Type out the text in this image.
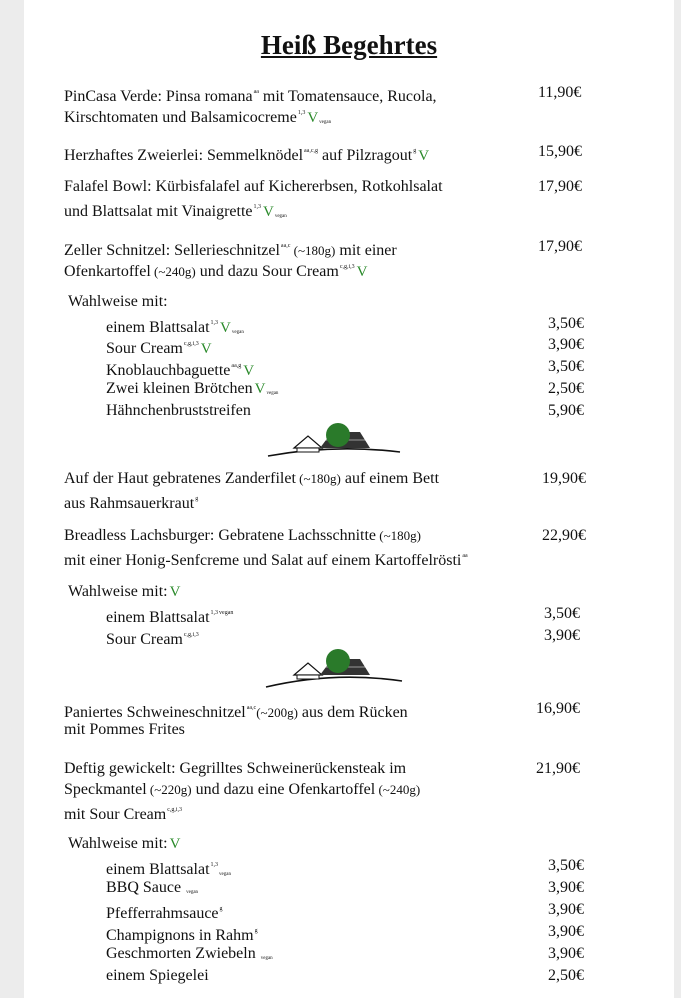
Heiß Begehrtes
PinCasa Verde: Pinsa romana$^{aa}$ mit Tomatensauce, Rucola,
Kirschtomaten und Balsamicocreme$^{1,3}$ Vvegan
11,90€
Herzhaftes Zweierlei: Semmelknödel$^{aa,c,g}$ auf Pilzragout$^g$ V	15,90€
Falafel Bowl: Kürbisfalafel auf Kichererbsen, Rotkohlsalat
und Blattsalat mit Vinaigrette$^{1,3}$ Vvegan
17,90€
Zeller Schnitzel: Sellerieschnitzel$^{aa,c}$ (~180g) mit einer
Ofenkartoffel (~240g) und dazu Sour Cream$^{c,g,i,3}$ V
17,90€
Wahlweise mit:
einem Blattsalat$^{1,3}$ Vvegan
3,50€
Sour Cream$^{c,g,i,3}$ V	3,90€
Knoblauchbaguette$^{aa,g}$ V	3,50€
Zwei kleinen Brötchen Vvegan	2,50€
Hähnchenbruststreifen	5,90€
Auf der Haut gebratenes Zanderfilet (~180g) auf einem Bett
aus Rahmsauerkraut$^g$
19,90€
Breadless Lachsburger: Gebratene Lachsschnitte (~180g)
mit einer Honig-Senfcreme und Salat auf einem Kartoffelrösti$^{aa}$
22,90€
Wahlweise mit: V
einem Blattsalat$^{1,3vegan}$	3,50€
Sour Cream$^{c,g,i,3}$	3,90€
Paniertes Schweineschnitzel$^{aa,c}$(~200g) aus dem Rücken
mit Pommes Frites
16,90€
Deftig gewickelt: Gegrilltes Schweinerückensteak im
Speckmantel (~220g) und dazu eine Ofenkartoffel (~240g)
mit Sour Cream$^{c,g,i,3}$
21,90€
Wahlweise mit: V
einem Blattsalat$^{1,3}$vegan
3,50€
BBQ Sauce vegan	3,90€
Pfefferrahmsauce$^g$	3,90€
Champignons in Rahm$^g$	3,90€
Geschmorten Zwiebeln vegan	3,90€
einem Spiegelei	2,50€
